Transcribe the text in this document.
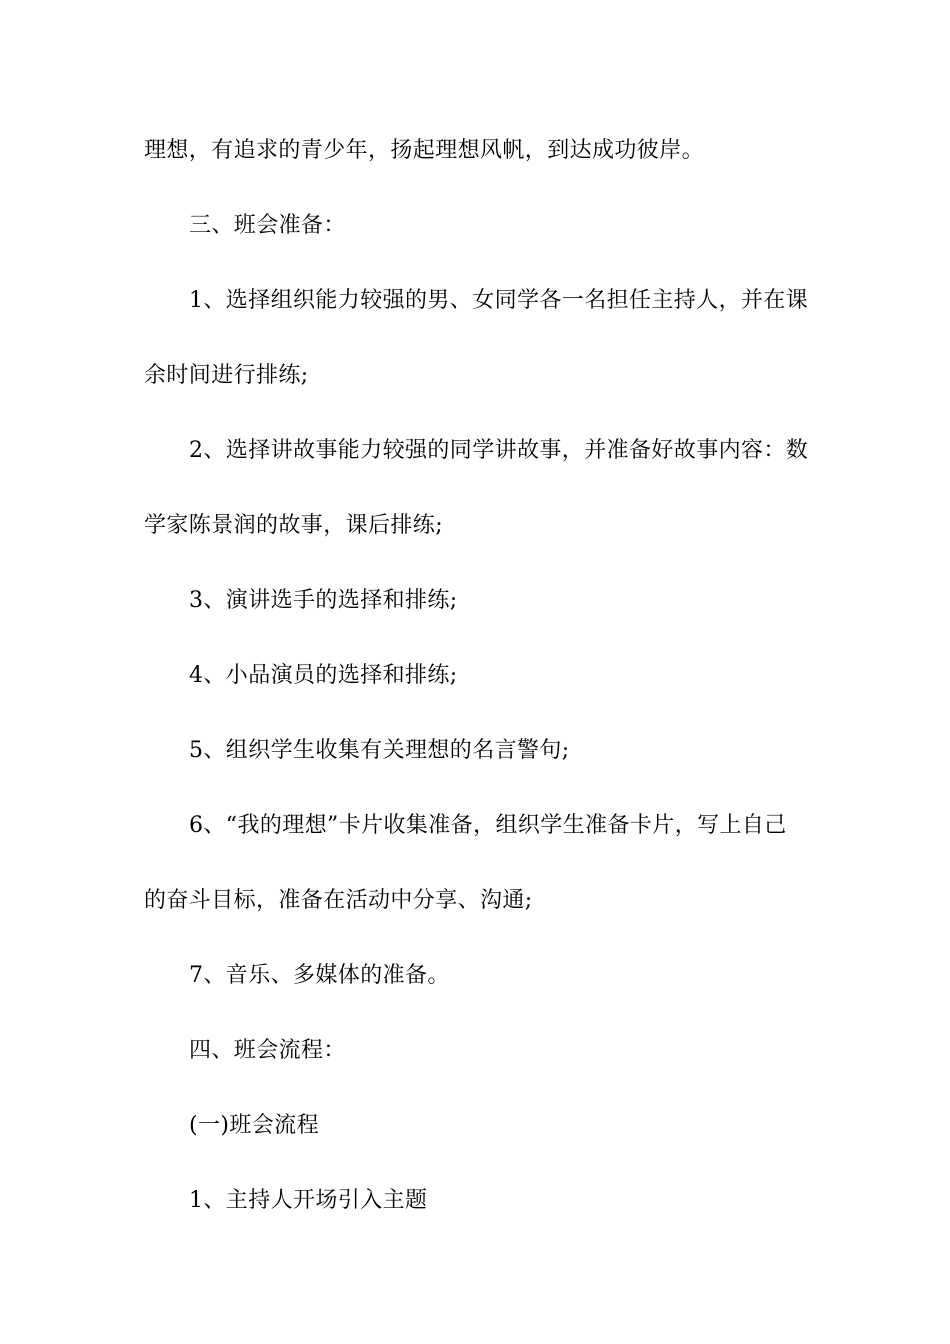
理想，有追求的青少年，扬起理想风帆，到达成功彼岸。
三、班会准备：
1、选择组织能力较强的男、女同学各一名担任主持人，并在课
余时间进行排练;
2、选择讲故事能力较强的同学讲故事，并准备好故事内容：数
学家陈景润的故事，课后排练;
3、演讲选手的选择和排练;
4、小品演员的选择和排练;
5、组织学生收集有关理想的名言警句;
6、“我的理想”卡片收集准备，组织学生准备卡片，写上自己
的奋斗目标，准备在活动中分享、沟通;
7、音乐、多媒体的准备。
四、班会流程：
(一)班会流程
1、主持人开场引入主题
